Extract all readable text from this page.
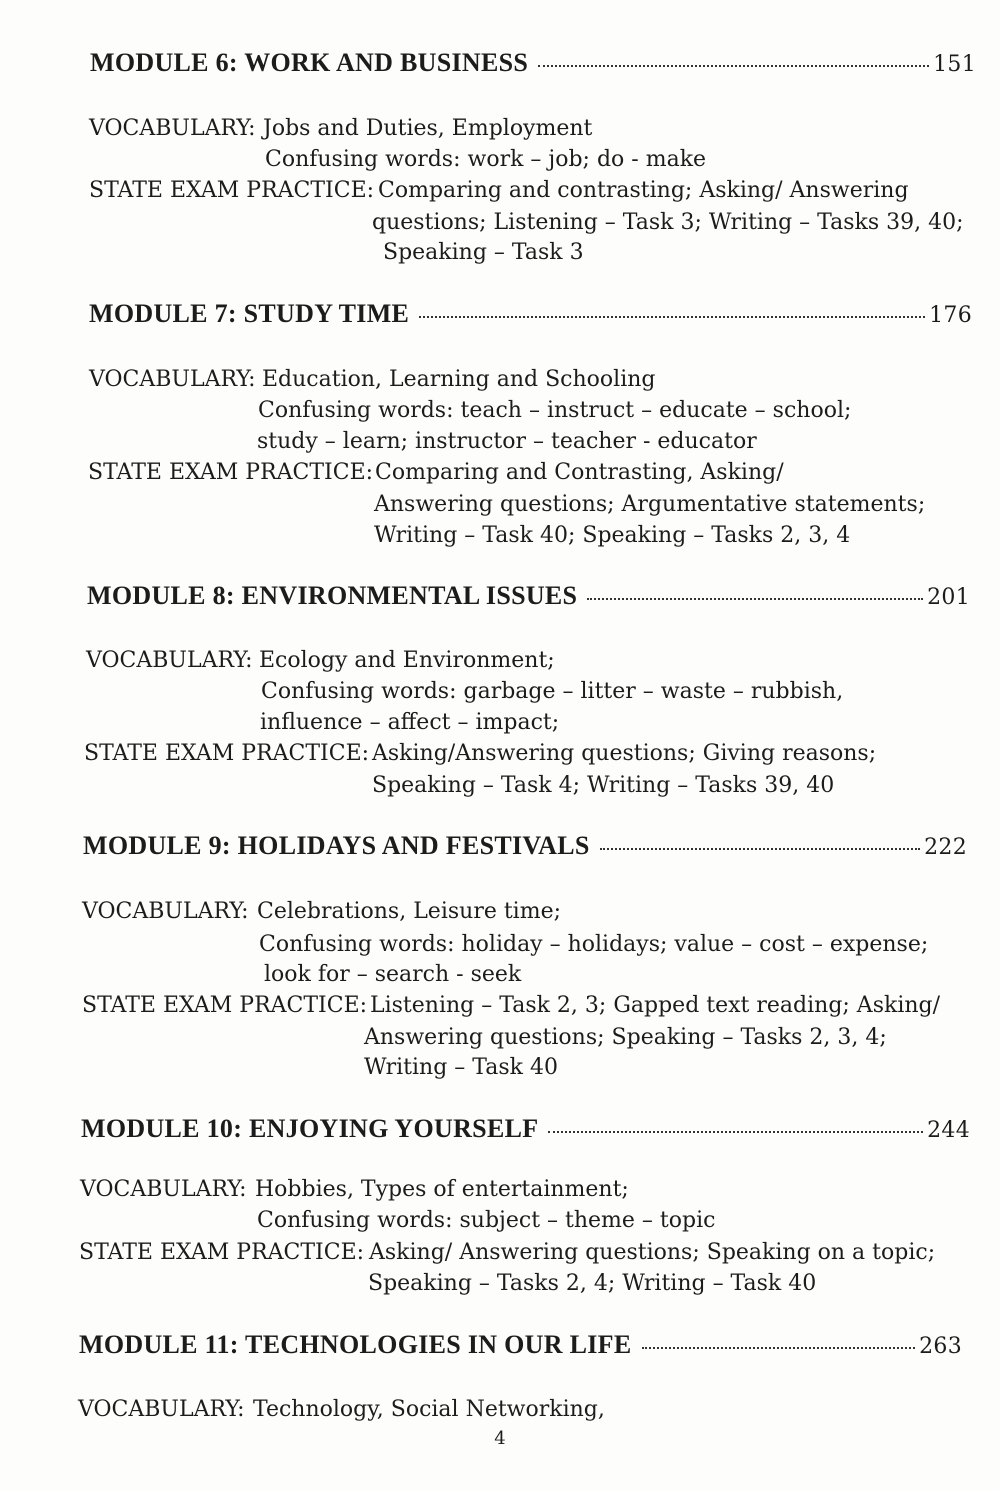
MODULE 6: WORK AND BUSINESS	151
VOCABULARY: Jobs and Duties, Employment
Confusing words: work – job; do - make
STATE EXAM PRACTICE: Comparing and contrasting; Asking/ Answering
questions; Listening – Task 3; Writing – Tasks 39, 40;
Speaking – Task 3
MODULE 7: STUDY TIME	176
VOCABULARY: Education, Learning and Schooling
Confusing words: teach – instruct – educate – school;
study – learn; instructor – teacher - educator
STATE EXAM PRACTICE: Comparing and Contrasting, Asking/
Answering questions; Argumentative statements;
Writing – Task 40; Speaking – Tasks 2, 3, 4
MODULE 8: ENVIRONMENTAL ISSUES	201
VOCABULARY: Ecology and Environment;
Confusing words: garbage – litter – waste – rubbish,
influence – affect – impact;
STATE EXAM PRACTICE: Asking/Answering questions; Giving reasons;
Speaking – Task 4; Writing – Tasks 39, 40
MODULE 9: HOLIDAYS AND FESTIVALS	222
VOCABULARY: Celebrations, Leisure time;
Confusing words: holiday – holidays; value – cost – expense;
look for – search - seek
STATE EXAM PRACTICE: Listening – Task 2, 3; Gapped text reading; Asking/
Answering questions; Speaking – Tasks 2, 3, 4;
Writing – Task 40
MODULE 10: ENJOYING YOURSELF	244
VOCABULARY: Hobbies, Types of entertainment;
Confusing words: subject – theme – topic
STATE EXAM PRACTICE: Asking/ Answering questions; Speaking on a topic;
Speaking – Tasks 2, 4; Writing – Task 40
MODULE 11: TECHNOLOGIES IN OUR LIFE	263
VOCABULARY: Technology, Social Networking,
4
